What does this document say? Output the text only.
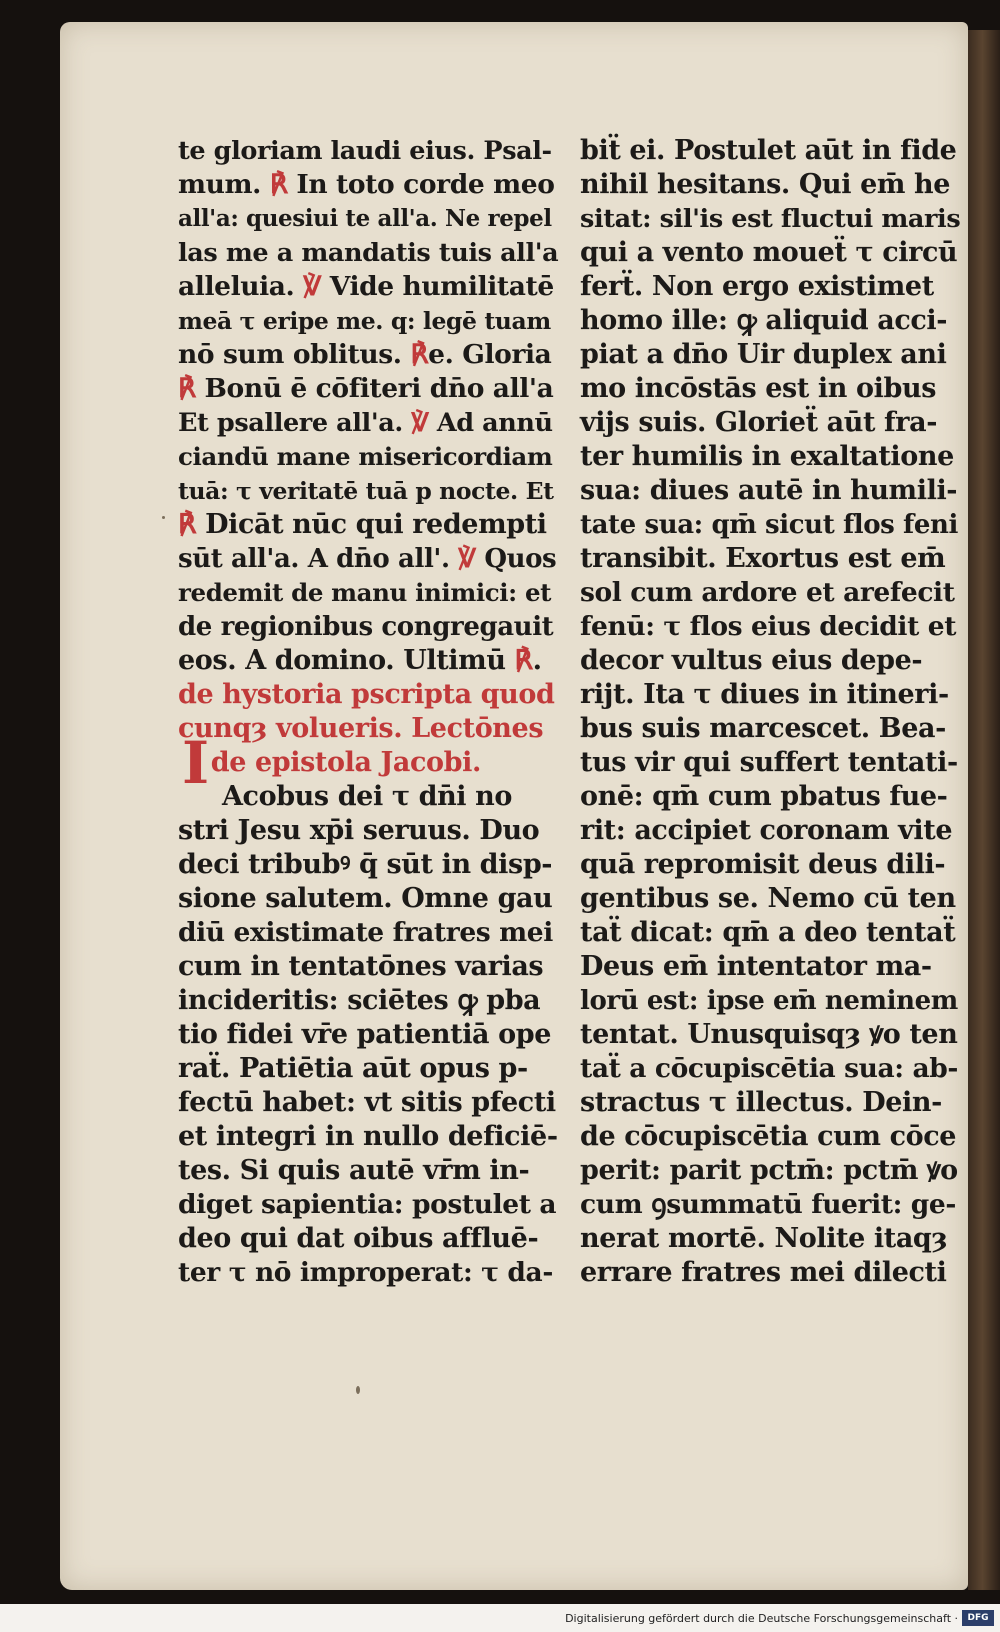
te gloriam laudi eius. Psal-
mum. ℟ In toto corde meo
all'a: quesiui te all'a. Ne repel
las me a mandatis tuis all'a
alleluia. ℣ Vide humilitatē
meā τ eripe me. q: legē tuam
nō sum oblitus. ℟e. Gloria
℟ Bonū ē cōfiteri dn̄o all'a
Et psallere all'a. ℣ Ad annū
ciandū mane misericordiam
tuā: τ veritatē tuā p nocte. Et
℟ Dicāt nūc qui redempti
sūt all'a. A dn̄o all'. ℣ Quos
redemit de manu inimici: et
de regionibus congregauit
eos. A domino. Ultimū ℟.
de hystoria pscripta quod
cunqȝ volueris. Lectōnes
Ide epistola Jacobi.
Acobus dei τ dn̄i no
stri Jesu xp̄i seruus. Duo
deci tribubꝰ q̄ sūt in disp-
sione salutem. Omne gau
diū existimate fratres mei
cum in tentatōnes varias
incideritis: sciētes ꝙ pba
tio fidei vr̄e patientiā ope
raẗ. Patiētia aūt opus p-
fectū habet: vt sitis pfecti
et integri in nullo deficiē-
tes. Si quis autē vr̄m in-
diget sapientia: postulet a
deo qui dat oibus affluē-
ter τ nō improperat: τ da-
biẗ ei. Postulet aūt in fide
nihil hesitans. Qui em̄ he
sitat: sil'is est fluctui maris
qui a vento moueẗ τ circū
ferẗ. Non ergo existimet
homo ille: ꝙ aliquid acci-
piat a dn̄o Uir duplex ani
mo incōstās est in oibus
vijs suis. Glorieẗ aūt fra-
ter humilis in exaltatione
sua: diues autē in humili-
tate sua: qm̄ sicut flos feni
transibit. Exortus est em̄
sol cum ardore et arefecit
fenū: τ flos eius decidit et
decor vultus eius depe-
rijt. Ita τ diues in itineri-
bus suis marcescet. Bea-
tus vir qui suffert tentati-
onē: qm̄ cum pbatus fue-
rit: accipiet coronam vite
quā repromisit deus dili-
gentibus se. Nemo cū ten
taẗ dicat: qm̄ a deo tentaẗ
Deus em̄ intentator ma-
lorū est: ipse em̄ neminem
tentat. Unusquisqȝ ꝟo ten
taẗ a cōcupiscētia sua: ab-
stractus τ illectus. Dein-
de cōcupiscētia cum cōce
perit: parit pctm̄: pctm̄ ꝟo
cum ꝯsummatū fuerit: ge-
nerat mortē. Nolite itaqȝ
errare fratres mei dilecti
Digitalisierung gefördert durch die Deutsche Forschungsgemeinschaft ·	DFG
